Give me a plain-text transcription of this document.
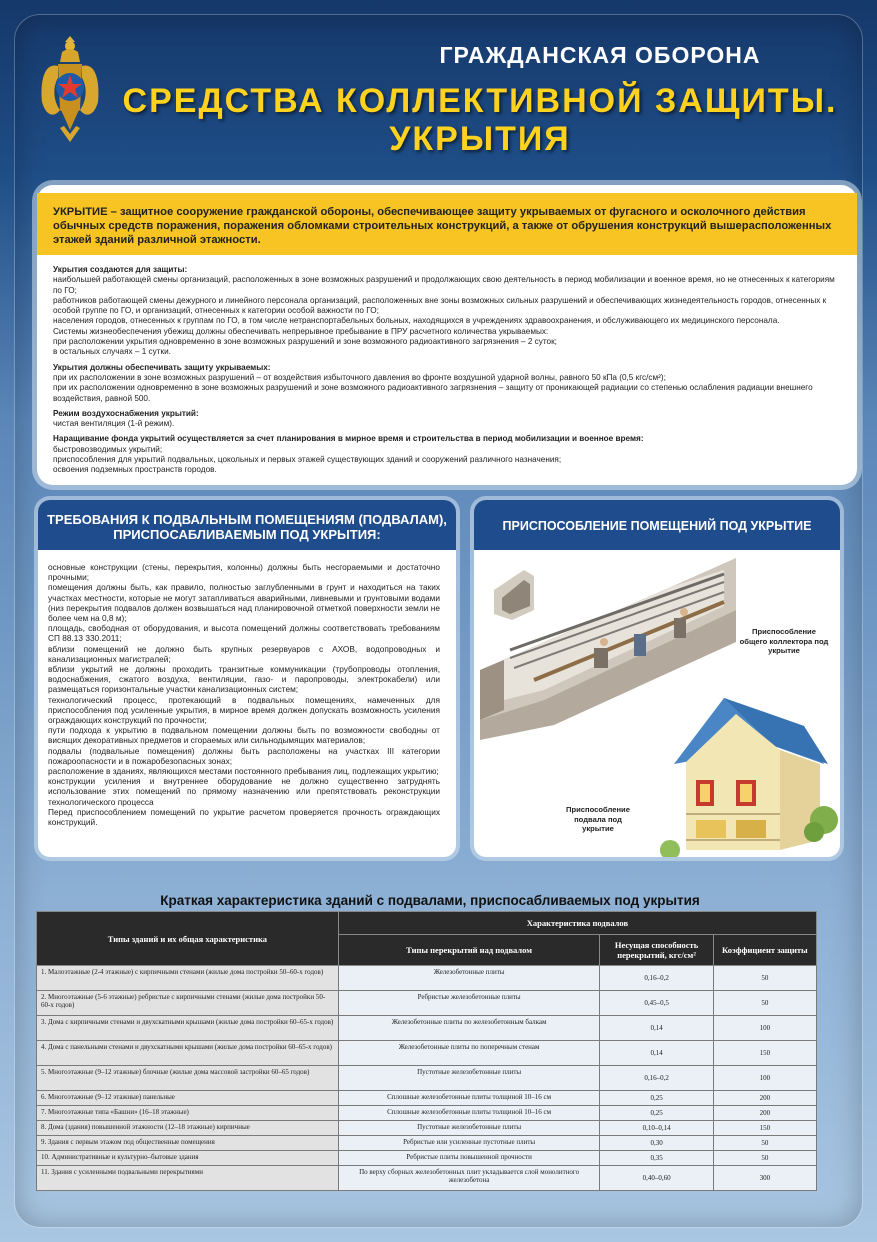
ГРАЖДАНСКАЯ ОБОРОНА
СРЕДСТВА КОЛЛЕКТИВНОЙ ЗАЩИТЫ.
УКРЫТИЯ
УКРЫТИЕ – защитное сооружение гражданской обороны, обеспечивающее защиту укрываемых от фугасного и осколочного действия обычных средств поражения, поражения обломками строительных конструкций, а также от обрушения конструкций вышерасположенных этажей зданий различной этажности.
Укрытия создаются для защиты:
наибольшей работающей смены организаций, расположенных в зоне возможных разрушений и продолжающих свою деятельность в период мобилизации и военное время, но не отнесенных к категориям по ГО;
работников работающей смены дежурного и линейного персонала организаций, расположенных вне зоны возможных сильных разрушений и обеспечивающих жизнедеятельность городов, отнесенных к особой группе по ГО, и организаций, отнесенных к категории особой важности по ГО;
населения городов, отнесенных к группам по ГО, в том числе нетранспортабельных больных, находящихся в учреждениях здравоохранения, и обслуживающего их медицинского персонала.
Системы жизнеобеспечения убежищ должны обеспечивать непрерывное пребывание в ПРУ расчетного количества укрываемых:
при расположении укрытия одновременно в зоне возможных разрушений и зоне возможного радиоактивного загрязнения – 2 суток;
в остальных случаях – 1 сутки.
Укрытия должны обеспечивать защиту укрываемых:
при их расположении в зоне возможных разрушений – от воздействия избыточного давления во фронте воздушной ударной волны, равного 50 кПа (0,5 кгс/см²);
при их расположении одновременно в зоне возможных разрушений и зоне возможного радиоактивного загрязнения – защиту от проникающей радиации со степенью ослабления радиации внешнего воздействия, равной 500.
Режим воздухоснабжения укрытий:
чистая вентиляция (1-й режим).
Наращивание фонда укрытий осуществляется за счет планирования в мирное время и строительства в период мобилизации и военное время:
быстровозводимых укрытий;
приспособления для укрытий подвальных, цокольных и первых этажей существующих зданий и сооружений различного назначения;
освоения подземных пространств городов.
ТРЕБОВАНИЯ К ПОДВАЛЬНЫМ ПОМЕЩЕНИЯМ (ПОДВАЛАМ), ПРИСПОСАБЛИВАЕМЫМ ПОД УКРЫТИЯ:
основные конструкции (стены, перекрытия, колонны) должны быть несгораемыми и достаточно прочными;
помещения должны быть, как правило, полностью заглубленными в грунт и находиться на таких участках местности, которые не могут затапливаться аварийными, ливневыми и грунтовыми водами (низ перекрытия подвалов должен возвышаться над планировочной отметкой поверхности земли не более чем на 0,8 м);
площадь, свободная от оборудования, и высота помещений должны соответствовать требованиям СП 88.13 330.2011;
вблизи помещений не должно быть крупных резервуаров с АХОВ, водопроводных и канализационных магистралей;
вблизи укрытий не должны проходить транзитные коммуникации (трубопроводы отопления, водоснабжения, сжатого воздуха, вентиляции, газо- и паропроводы, электрокабели) или размещаться горизонтальные участки канализационных систем;
технологический процесс, протекающий в подвальных помещениях, намеченных для приспособления под усиленные укрытия, в мирное время должен допускать возможность усиления ограждающих конструкций по прочности;
пути подхода к укрытию в подвальном помещении должны быть по возможности свободны от висящих декоративных предметов и сгораемых или сильнодымящих материалов;
подвалы (подвальные помещения) должны быть расположены на участках III категории пожароопасности и в пожаробезопасных зонах;
расположение в зданиях, являющихся местами постоянного пребывания лиц, подлежащих укрытию;
конструкции усиления и внутреннее оборудование не должно существенно затруднять использование этих помещений по прямому назначению или препятствовать реконструкции технологического процесса
Перед приспособлением помещений по укрытие расчетом проверяется прочность ограждающих конструкций.
ПРИСПОСОБЛЕНИЕ ПОМЕЩЕНИЙ ПОД УКРЫТИЕ
Приспособление общего коллектора под укрытие
Приспособление подвала под укрытие
Краткая характеристика зданий с подвалами, приспосабливаемых под укрытия
Типы зданий и их общая характеристика	Характеристика подвалов		
	Типы перекрытий над подвалом	Несущая способность перекрытий, кгс/см²	Коэффициент защиты
1. Малоэтажные (2-4 этажные) с кирпичными стенами (жилые дома постройки 50–60-х годов)	Железобетонные плиты	0,16–0,2	50
2. Многоэтажные (5-6 этажные) ребристые с кирпичными стенами (жилые дома постройки 50-60-х годов)	Ребристые железобетонные плиты	0,45–0,5	50
3. Дома с кирпичными стенами и двухскатными крышами (жилые дома постройки 60–65-х годов)	Железобетонные плиты по железобетонным балкам	0,14	100
4. Дома с панельными стенами и двухскатными крышами (жилые дома постройки 60–65-х годов)	Железобетонные плиты по поперечным стенам	0,14	150
5. Многоэтажные (9–12 этажные) блочные (жилые дома массовой застройки 60–65 годов)	Пустотные железобетонные плиты	0,16–0,2	100
6. Многоэтажные (9–12 этажные) панельные	Сплошные железобетонные плиты толщиной 10–16 см	0,25	200
7. Многоэтажные типа «Башни» (16–18 этажные)	Сплошные железобетонные плиты толщиной 10–16 см	0,25	200
8. Дома (здания) повышенной этажности (12–18 этажные) кирпичные	Пустотные железобетонные плиты	0,10–0,14	150
9. Здания с первым этажом под общественные помещения	Ребристые или усиленные пустотные плиты	0,30	50
10. Административные и культурно–бытовые здания	Ребристые плиты повышенной прочности	0,35	50
11. Здания с усиленными подвальными перекрытиями	По верху сборных железобетонных плит укладывается слой монолитного железобетона	0,40–0,60	300
